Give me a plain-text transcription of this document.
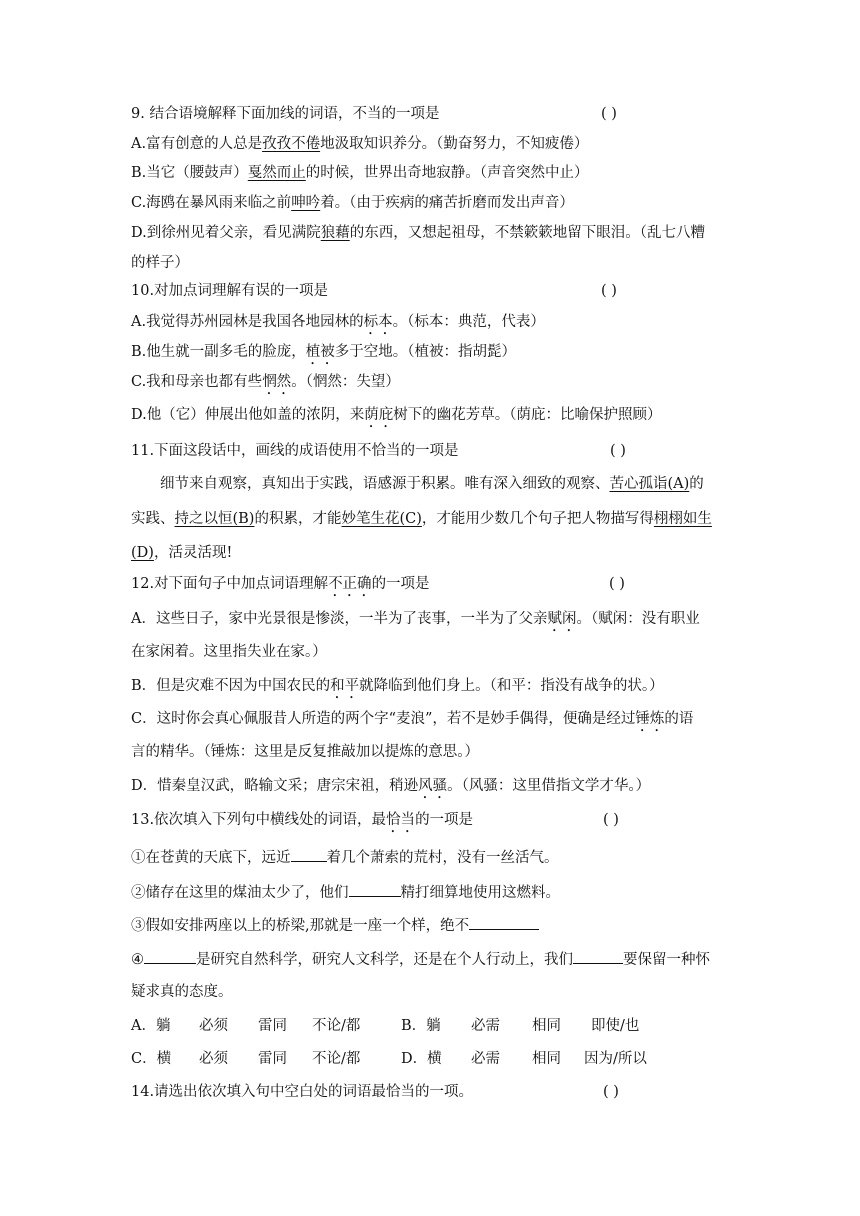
9. 结合语境解释下面加线的词语，不当的一项是	( )
A.富有创意的人总是孜孜不倦地汲取知识养分。（勤奋努力，不知疲倦）
B.当它（腰鼓声）戛然而止的时候，世界出奇地寂静。（声音突然中止）
C.海鸥在暴风雨来临之前呻吟着。（由于疾病的痛苦折磨而发出声音）
D.到徐州见着父亲，看见满院狼藉的东西，又想起祖母，不禁簌簌地留下眼泪。（乱七八糟
的样子）
10.对加点词理解有误的一项是	( )
A.我觉得苏州园林是我国各地园林的标本。（标本：典范，代表）
B.他生就一副多毛的脸庞，植被多于空地。（植被：指胡髭）
C.我和母亲也都有些惘然。（惘然：失望）
D.他（它）伸展出他如盖的浓阴，来荫庇树下的幽花芳草。（荫庇：比喻保护照顾）
11.下面这段话中，画线的成语使用不恰当的一项是	( )
细节来自观察，真知出于实践，语感源于积累。唯有深入细致的观察、苦心孤诣(A)的
实践、持之以恒(B)的积累，才能妙笔生花(C)，才能用少数几个句子把人物描写得栩栩如生
(D)，活灵活现!
12.对下面句子中加点词语理解不正确的一项是	( )
A．这些日子，家中光景很是惨淡，一半为了丧事，一半为了父亲赋闲。（赋闲：没有职业
在家闲着。这里指失业在家。）
B．但是灾难不因为中国农民的和平就降临到他们身上。（和平：指没有战争的状。）
C．这时你会真心佩服昔人所造的两个字“麦浪”，若不是妙手偶得，便确是经过锤炼的语
言的精华。（锤炼：这里是反复推敲加以提炼的意思。）
D．惜秦皇汉武，略输文采；唐宗宋祖，稍逊风骚。（风骚：这里借指文学才华。）
13.依次填入下列句中横线处的词语，最恰当的一项是	( )
①在苍黄的天底下，远近 着几个萧索的荒村，没有一丝活气。
②储存在这里的煤油太少了，他们	精打细算地使用这燃料。
③假如安排两座以上的桥梁,那就是一座一个样，绝不
④	是研究自然科学，研究人文科学，还是在个人行动上，我们	要保留一种怀
疑求真的态度。
A．躺 必须 雷同 不论/都	B．躺 必需 相同 即使/也
C．横 必须 雷同 不论/都	D．横 必需 相同 因为/所以
14.请选出依次填入句中空白处的词语最恰当的一项。	( )
